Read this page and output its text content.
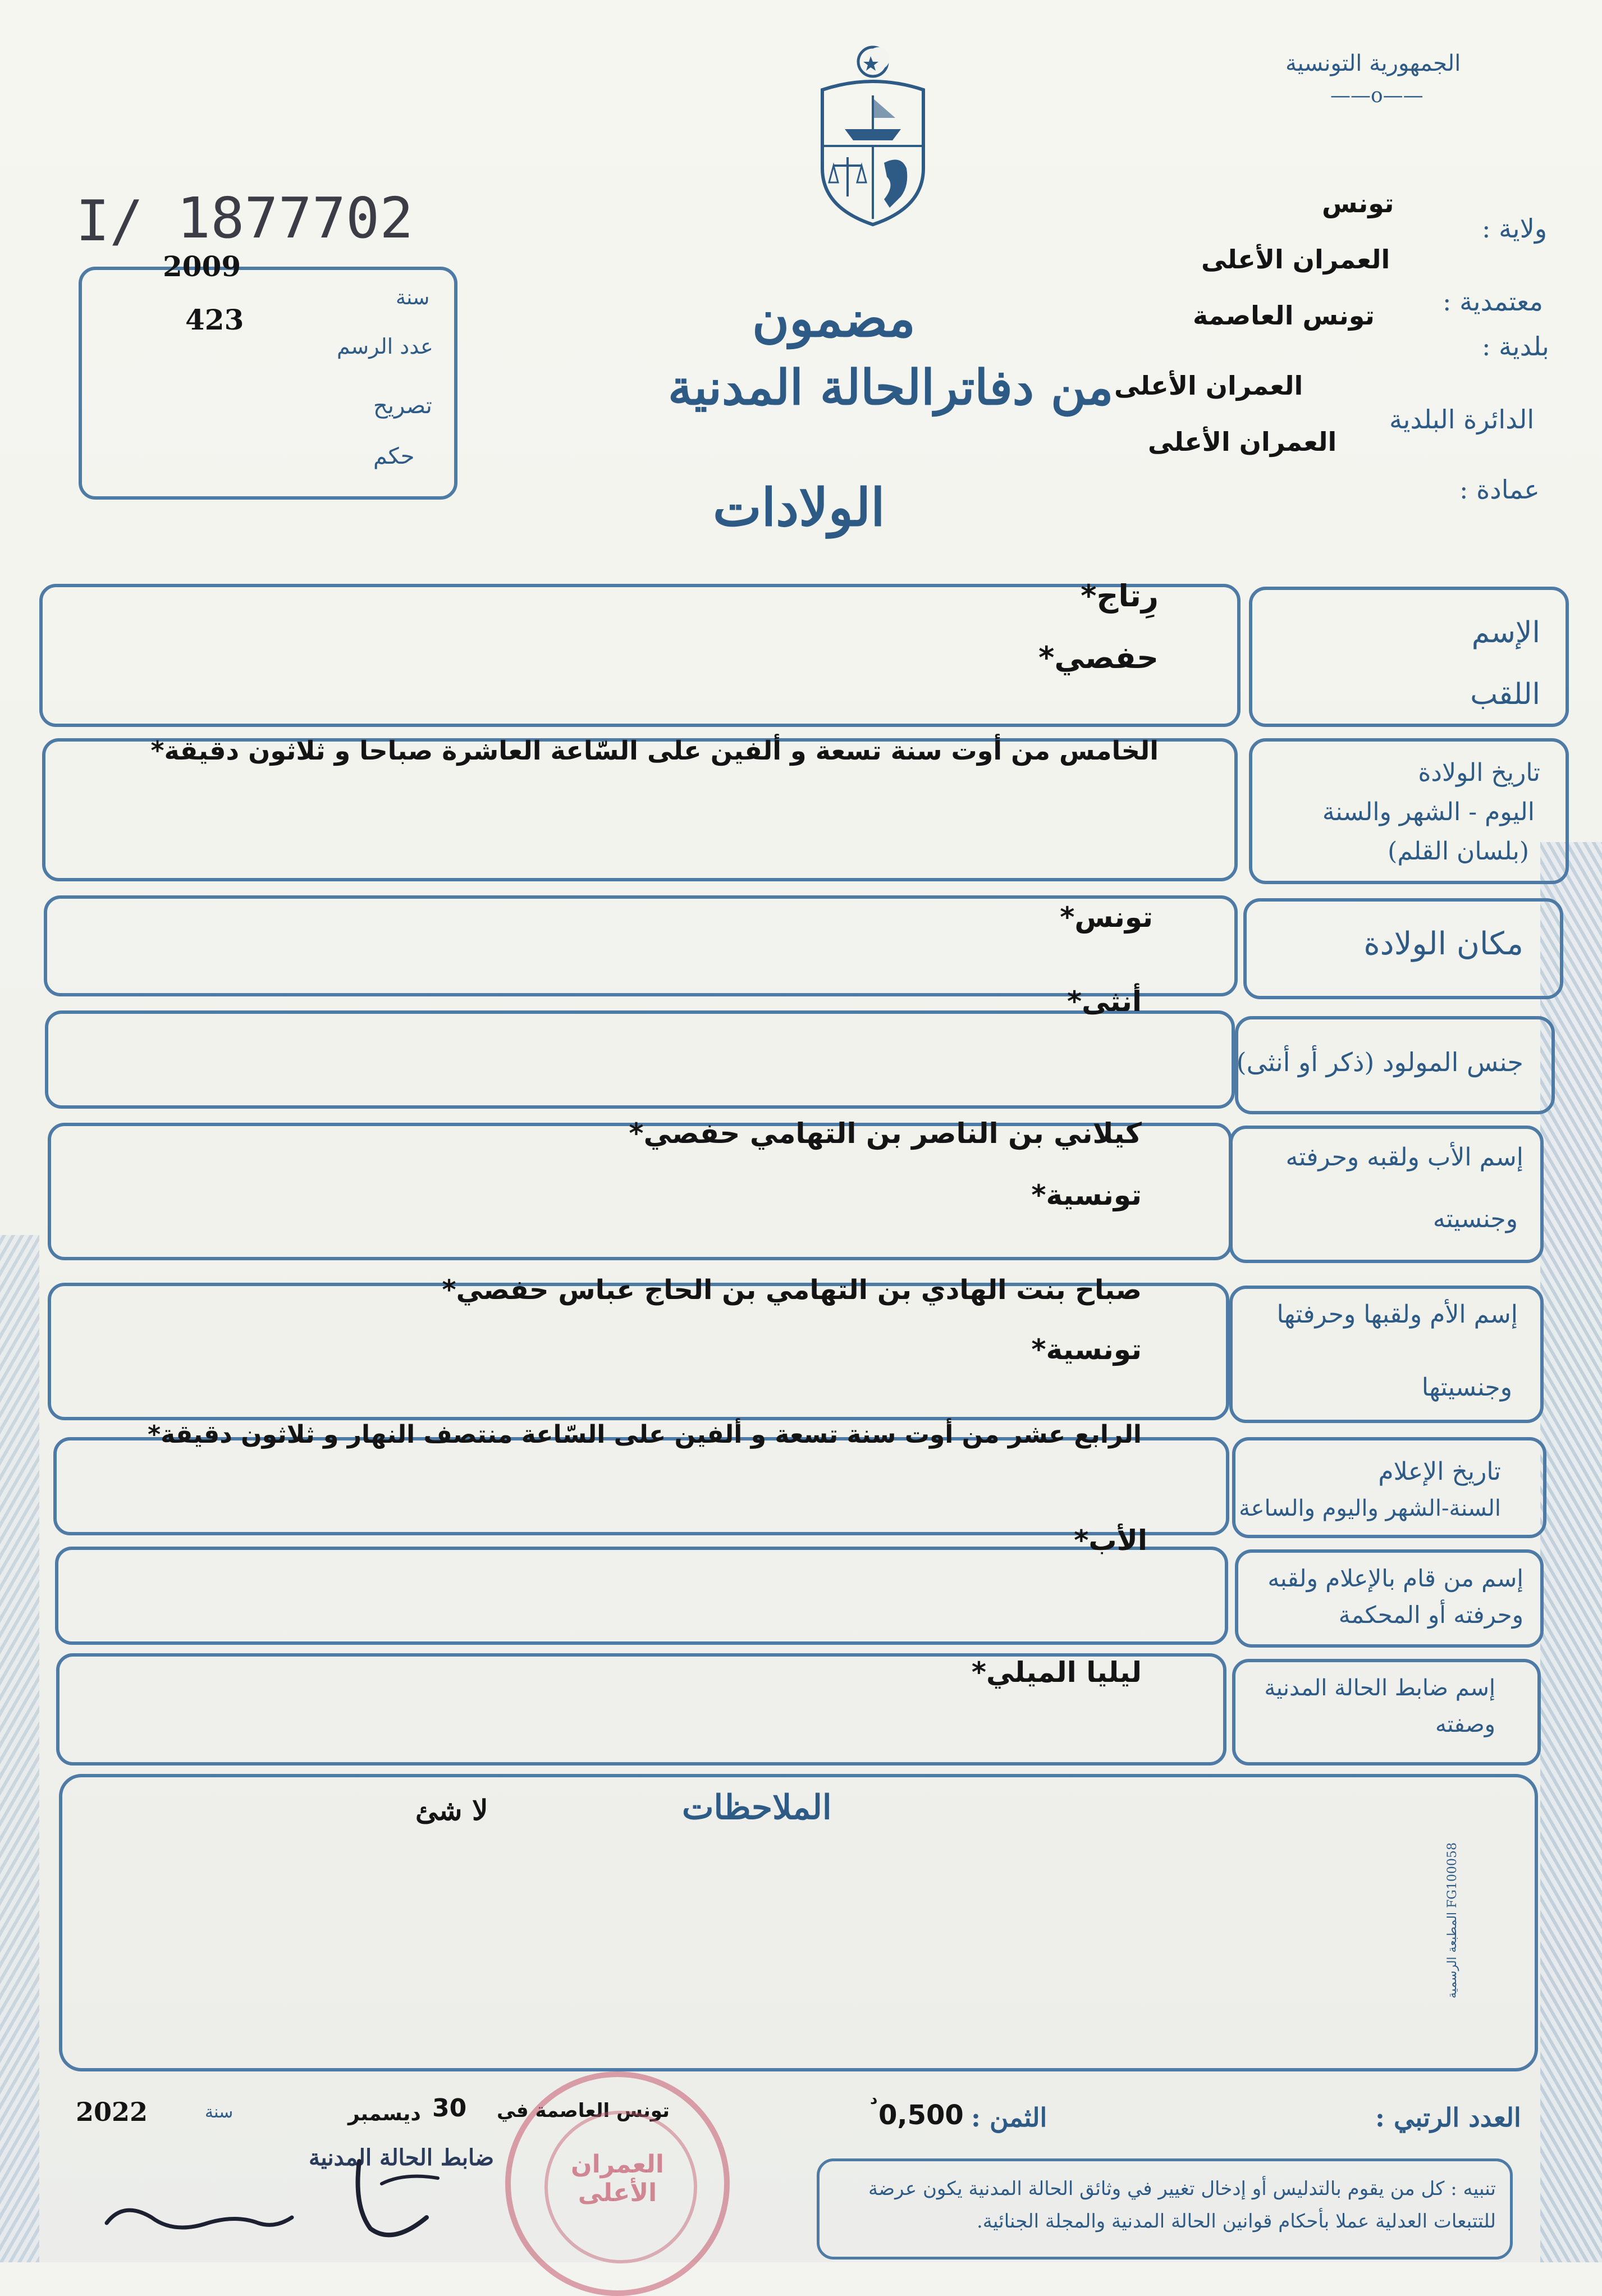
الجمهورية التونسية
——o——
I/ 1877702
2009
سنة
423
عدد الرسم
تصريح
حكم
ولاية :
تونس
معتمدية :
العمران الأعلى
بلدية :
تونس العاصمة
الدائرة البلدية
العمران الأعلى
عمادة :
العمران الأعلى
مضمون
من دفاترالحالة المدنية
الولادات
الإسم
اللقب
رِتاج*
حفصي*
تاريخ الولادة
اليوم - الشهر والسنة
(بلسان القلم)
الخامس من أوت سنة تسعة و ألفين على السّاعة العاشرة صباحا و ثلاثون دقيقة*
مكان الولادة
تونس*
جنس المولود (ذكر أو أنثى)
أنثى*
إسم الأب ولقبه وحرفته
وجنسيته
كيلاني بن الناصر بن التهامي حفصي*
تونسية*
إسم الأم ولقبها وحرفتها
وجنسيتها
صباح بنت الهادي بن التهامي بن الحاج عباس حفصي*
تونسية*
تاريخ الإعلام
السنة-الشهر واليوم والساعة
الرابع عشر من أوت سنة تسعة و ألفين على السّاعة منتصف النهار و ثلاثون دقيقة*
إسم من قام بالإعلام ولقبه
وحرفته أو المحكمة
الأب*
إسم ضابط الحالة المدنية
وصفته
ليليا الميلي*
الملاحظات
لا شئ
المطبعة الرسمية FG100058
العدد الرتبي :
الثمن :
0,500
د
تونس العاصمة في
30
ديسمبر
سنة
2022
ضابط الحالة المدنية	العمران الأعلى	تنبيه : كل من يقوم بالتدليس أو إدخال تغيير في وثائق الحالة المدنية يكون عرضة للتتبعات العدلية عملا بأحكام قوانين الحالة المدنية والمجلة الجنائية.
